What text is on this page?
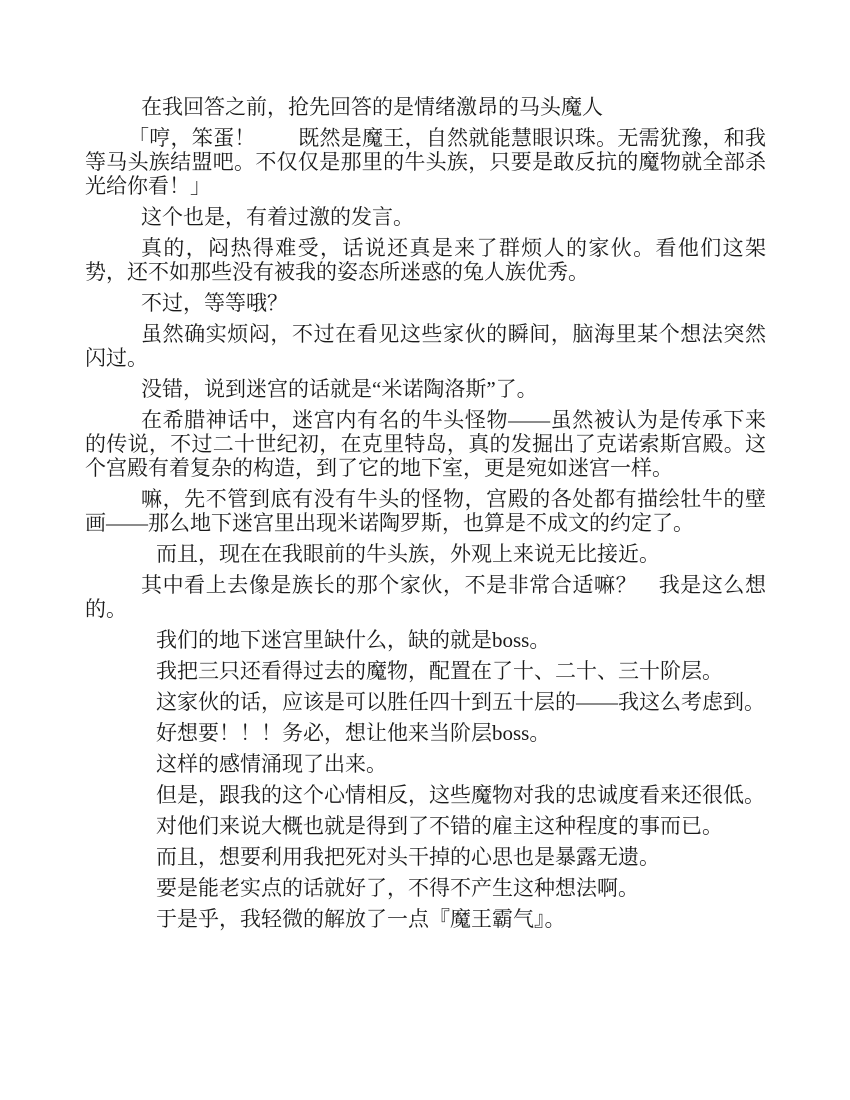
在我回答之前，抢先回答的是情绪激昂的马头魔人

「哼，笨蛋！　　既然是魔王，自然就能慧眼识珠。无需犹豫，和我等马头族结盟吧。不仅仅是那里的牛头族，只要是敢反抗的魔物就全部杀光给你看！」

这个也是，有着过激的发言。

真的，闷热得难受，话说还真是来了群烦人的家伙。看他们这架势，还不如那些没有被我的姿态所迷惑的兔人族优秀。

不过，等等哦？

虽然确实烦闷，不过在看见这些家伙的瞬间，脑海里某个想法突然闪过。

没错，说到迷宫的话就是“米诺陶洛斯”了。

在希腊神话中，迷宫内有名的牛头怪物——虽然被认为是传承下来的传说，不过二十世纪初，在克里特岛，真的发掘出了克诺索斯宫殿。这个宫殿有着复杂的构造，到了它的地下室，更是宛如迷宫一样。

嘛，先不管到底有没有牛头的怪物，宫殿的各处都有描绘牡牛的壁画——那么地下迷宫里出现米诺陶罗斯，也算是不成文的约定了。

而且，现在在我眼前的牛头族，外观上来说无比接近。

其中看上去像是族长的那个家伙，不是非常合适嘛？　我是这么想的。

我们的地下迷宫里缺什么，缺的就是boss。

我把三只还看得过去的魔物，配置在了十、二十、三十阶层。

这家伙的话，应该是可以胜任四十到五十层的——我这么考虑到。

好想要！！！务必，想让他来当阶层boss。

这样的感情涌现了出来。

但是，跟我的这个心情相反，这些魔物对我的忠诚度看来还很低。

对他们来说大概也就是得到了不错的雇主这种程度的事而已。

而且，想要利用我把死对头干掉的心思也是暴露无遗。

要是能老实点的话就好了，不得不产生这种想法啊。

于是乎，我轻微的解放了一点『魔王霸气』。
